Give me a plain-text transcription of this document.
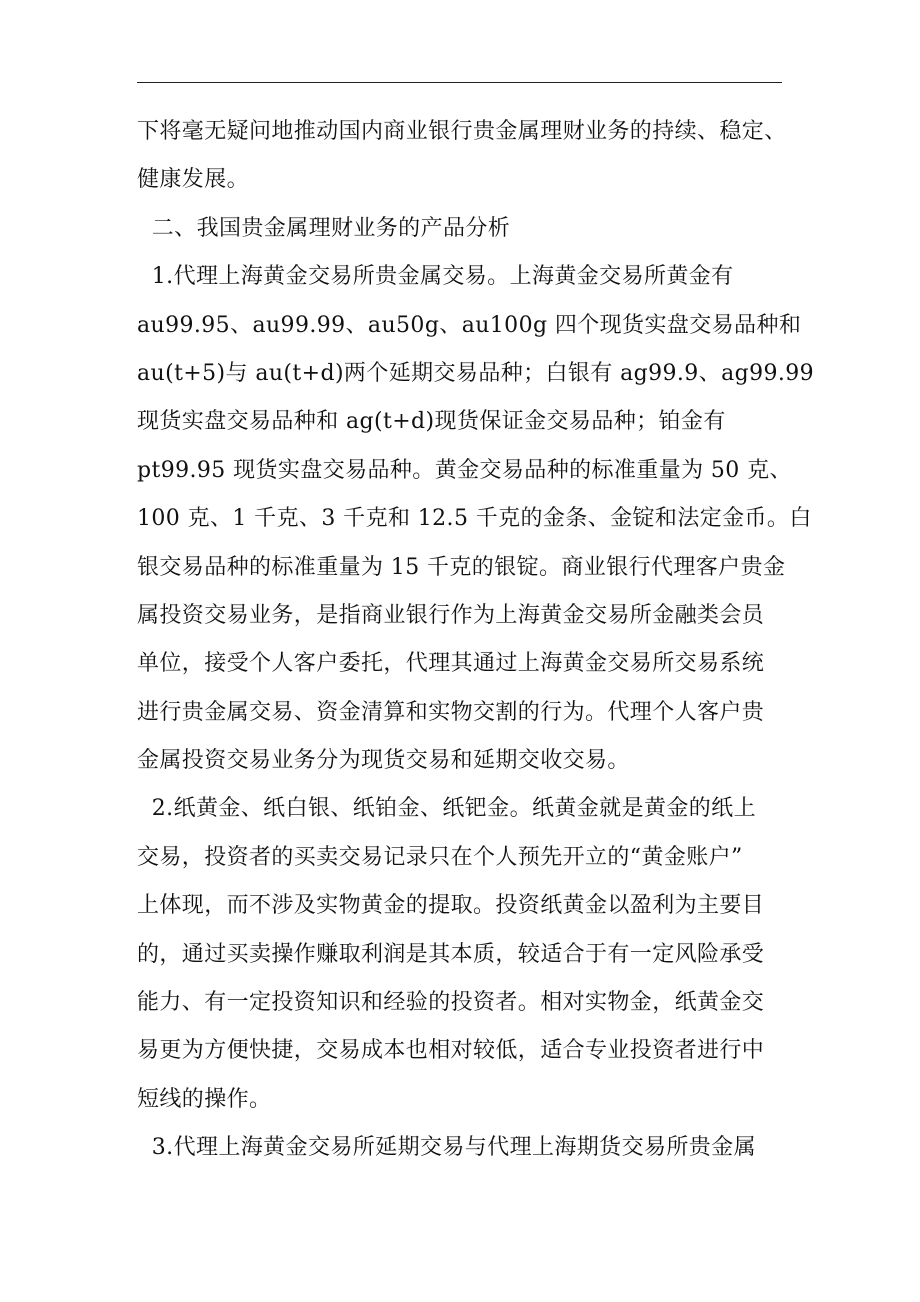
下将毫无疑问地推动国内商业银行贵金属理财业务的持续、稳定、
健康发展。
二、我国贵金属理财业务的产品分析
1.代理上海黄金交易所贵金属交易。上海黄金交易所黄金有
au99.95、au99.99、au50g、au100g 四个现货实盘交易品种和
au(t+5)与 au(t+d)两个延期交易品种；白银有 ag99.9、ag99.99
现货实盘交易品种和 ag(t+d)现货保证金交易品种；铂金有
pt99.95 现货实盘交易品种。黄金交易品种的标准重量为 50 克、
100 克、1 千克、3 千克和 12.5 千克的金条、金锭和法定金币。白
银交易品种的标准重量为 15 千克的银锭。商业银行代理客户贵金
属投资交易业务，是指商业银行作为上海黄金交易所金融类会员
单位，接受个人客户委托，代理其通过上海黄金交易所交易系统
进行贵金属交易、资金清算和实物交割的行为。代理个人客户贵
金属投资交易业务分为现货交易和延期交收交易。
2.纸黄金、纸白银、纸铂金、纸钯金。纸黄金就是黄金的纸上
交易，投资者的买卖交易记录只在个人预先开立的“黄金账户”
上体现，而不涉及实物黄金的提取。投资纸黄金以盈利为主要目
的，通过买卖操作赚取利润是其本质，较适合于有一定风险承受
能力、有一定投资知识和经验的投资者。相对实物金，纸黄金交
易更为方便快捷，交易成本也相对较低，适合专业投资者进行中
短线的操作。
3.代理上海黄金交易所延期交易与代理上海期货交易所贵金属
